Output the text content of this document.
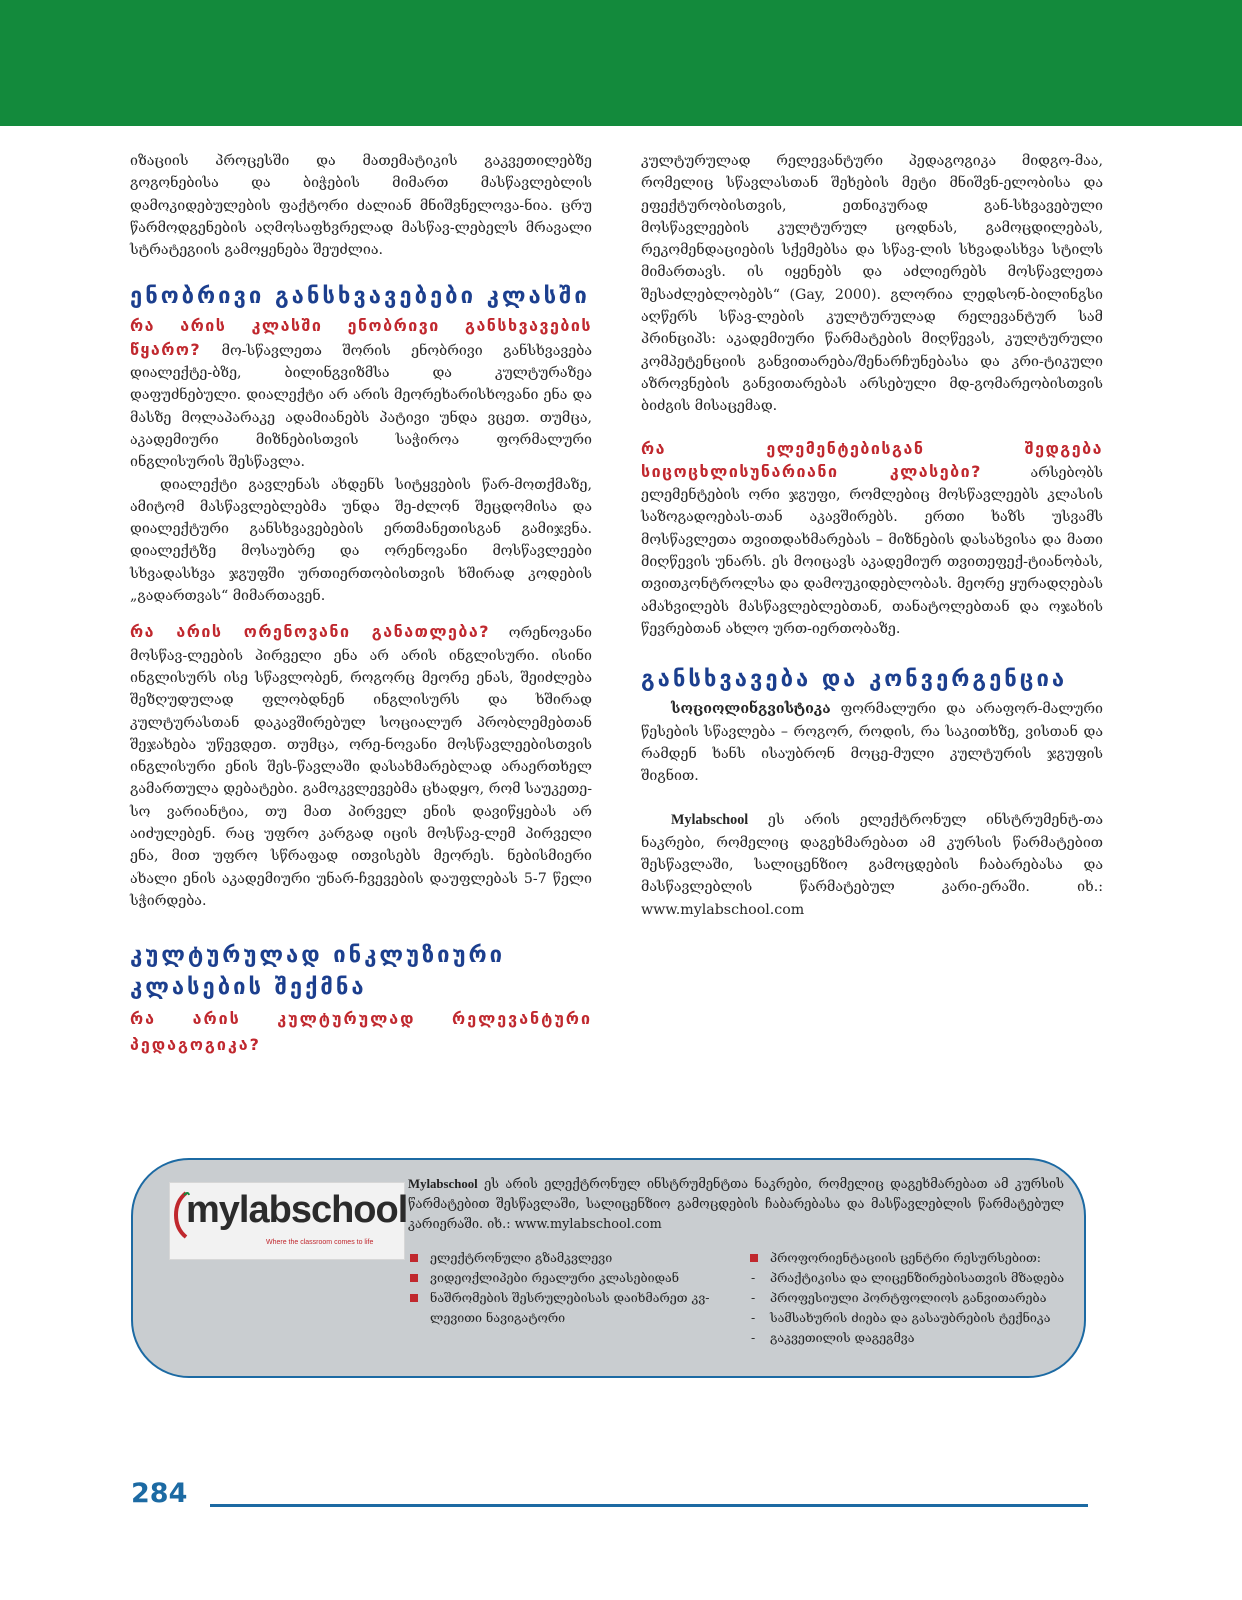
იზაციის პროცესში და მათემატიკის გაკვეთილებზე გოგონებისა და ბიჭების მიმართ მასწავლებლის დამოკიდებულების ფაქტორი ძალიან მნიშვნელოვა-ნია. ცრუ წარმოდგენების აღმოსაფხვრელად მასწავ-ლებელს მრავალი სტრატეგიის გამოყენება შეუძლია.

ენობრივი განსხვავებები კლასში

რა არის კლასში ენობრივი განსხვავების წყარო? მო-სწავლეთა შორის ენობრივი განსხვავება დიალექტე-ბზე, ბილინგვიზმსა და კულტურაზეა დაფუძნებული. დიალექტი არ არის მეორეხარისხოვანი ენა და მასზე მოლაპარაკე ადამიანებს პატივი უნდა ვცეთ. თუმცა, აკადემიური მიზნებისთვის საჭიროა ფორმალური ინგლისურის შესწავლა.

დიალექტი გავლენას ახდენს სიტყვების წარ-მოთქმაზე, ამიტომ მასწავლებლებმა უნდა შე-ძლონ შეცდომისა და დიალექტური განსხვავებების ერთმანეთისგან გამიჯვნა. დიალექტზე მოსაუბრე და ორენოვანი მოსწავლეები სხვადასხვა ჯგუფში ურთიერთობისთვის ხშირად კოდების „გადართვას“ მიმართავენ.

რა არის ორენოვანი განათლება? ორენოვანი მოსწავ-ლეების პირველი ენა არ არის ინგლისური. ისინი ინგლისურს ისე სწავლობენ, როგორც მეორე ენას, შეიძლება შეზღუდულად ფლობდნენ ინგლისურს და ხშირად კულტურასთან დაკავშირებულ სოციალურ პრობლემებთან შეჯახება უწევდეთ. თუმცა, ორე-ნოვანი მოსწავლეებისთვის ინგლისური ენის შეს-წავლაში დასახმარებლად არაერთხელ გამართულა დებატები. გამოკვლევებმა ცხადყო, რომ საუკეთე-სო ვარიანტია, თუ მათ პირველ ენის დავიწყებას არ აიძულებენ. რაც უფრო კარგად იცის მოსწავ-ლემ პირველი ენა, მით უფრო სწრაფად ითვისებს მეორეს. ნებისმიერი ახალი ენის აკადემიური უნარ-ჩვევების დაუფლებას 5-7 წელი სჭირდება.

კულტურულად ინკლუზიური კლასების შექმნა

რა არის კულტურულად რელევანტური პედაგოგიკა?

კულტურულად რელევანტური პედაგოგიკა მიდგო-მაა, რომელიც სწავლასთან შეხების მეტი მნიშვნ-ელობისა და ეფექტურობისთვის, ეთნიკურად გან-სხვავებული მოსწავლეების კულტურულ ცოდნას, გამოცდილებას, რეკომენდაციების სქემებსა და სწავ-ლის სხვადასხვა სტილს მიმართავს. ის იყენებს და აძლიერებს მოსწავლეთა შესაძლებლობებს“ (Gay, 2000). გლორია ლედსონ-ბილინგსი აღწერს სწავ-ლების კულტურულად რელევანტურ სამ პრინციპს: აკადემიური წარმატების მიღწევას, კულტურული კომპეტენციის განვითარება/შენარჩუნებასა და კრი-ტიკული აზროვნების განვითარებას არსებული მდ-გომარეობისთვის ბიძგის მისაცემად.

რა ელემენტებისგან შედგება სიცოცხლისუნარიანი კლასები? არსებობს ელემენტების ორი ჯგუფი, რომლებიც მოსწავლეებს კლასის საზოგადოებას-თან აკავშირებს. ერთი ხაზს უსვამს მოსწავლეთა თვითდახმარებას – მიზნების დასახვისა და მათი მიღწევის უნარს. ეს მოიცავს აკადემიურ თვითეფექ-ტიანობას, თვითკონტროლსა და დამოუკიდებლობას. მეორე ყურადღებას ამახვილებს მასწავლებლებთან, თანატოლებთან და ოჯახის წევრებთან ახლო ურთ-იერთობაზე.

განსხვავება და კონვერგენცია

სოციოლინგვისტიკა ფორმალური და არაფორ-მალური წესების სწავლება – როგორ, როდის, რა საკითხზე, ვისთან და რამდენ ხანს ისაუბრონ მოცე-მული კულტურის ჯგუფის შიგნით.

Mylabschool ეს არის ელექტრონულ ინსტრუმენტ-თა ნაკრები, რომელიც დაგეხმარებათ ამ კურსის წარმატებით შესწავლაში, სალიცენზიო გამოცდების ჩაბარებასა და მასწავლებლის წარმატებულ კარი-ერაში. იხ.: www.mylabschool.com

mylabschool
Where the classroom comes to life

Mylabschool ეს არის ელექტრონულ ინსტრუმენტთა ნაკრები, რომელიც დაგეხმარებათ ამ კურსის წარმატებით შესწავლაში, სალიცენზიო გამოცდების ჩაბარებასა და მასწავლებლის წარმატებულ კარიერაში. იხ.: www.mylabschool.com

ელექტრონული გზამკვლევი
ვიდეოქლიპები რეალური კლასებიდან
ნაშრომების შესრულებისას დაიხმარეთ კვ-ლევითი ნავიგატორი
პროფორიენტაციის ცენტრი რესურსებით:
- პრაქტიკისა და ლიცენზირებისათვის მზადება
- პროფესიული პორტფოლიოს განვითარება
- სამსახურის ძიება და გასაუბრების ტექნიკა
- გაკვეთილის დაგეგმვა
284
